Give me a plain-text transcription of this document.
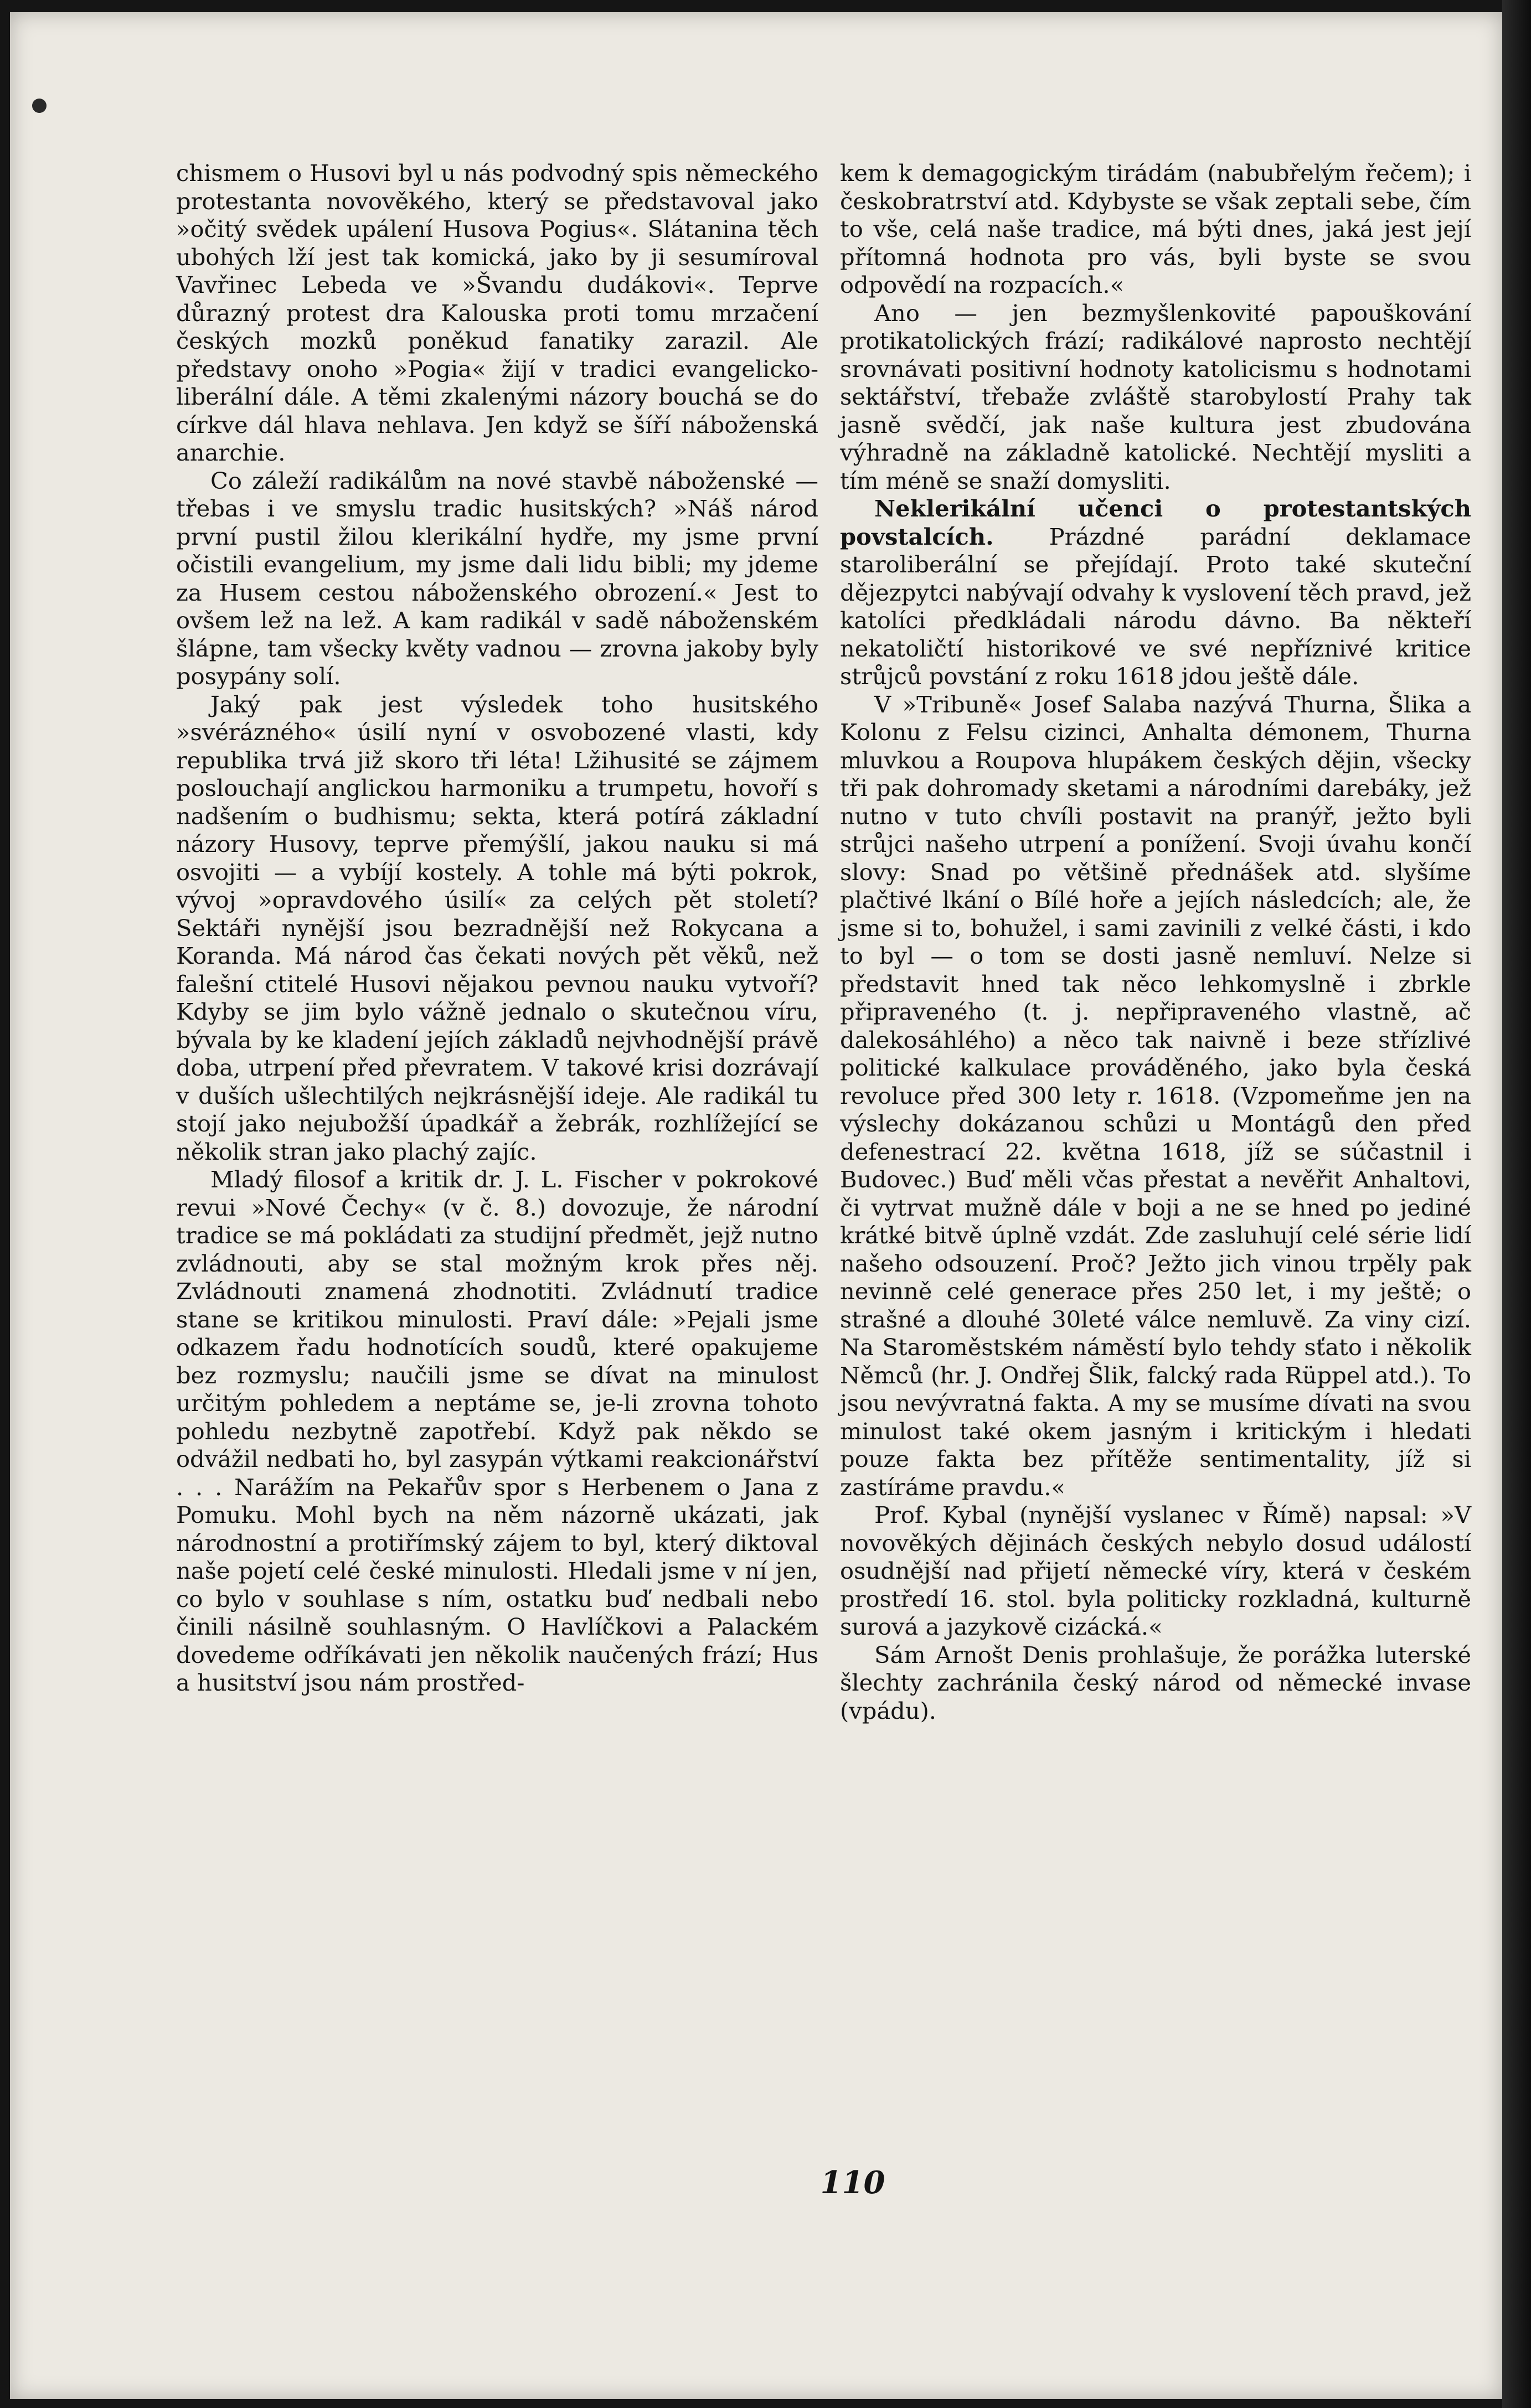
chismem o Husovi byl u nás podvodný spis německého protestanta novověkého, který se představoval jako »očitý svědek upálení Husova Pogius«. Slátanina těch ubohých lží jest tak komická, jako by ji sesumíroval Vavřinec Lebeda ve »Švandu dudákovi«. Teprve důrazný protest dra Kalouska proti tomu mrzačení českých mozků poněkud fanatiky zarazil. Ale představy onoho »Pogia« žijí v tradici evangelicko-liberální dále. A těmi zkalenými názory bouchá se do církve dál hlava nehlava. Jen když se šíří náboženská anarchie.

Co záleží radikálům na nové stavbě náboženské — třebas i ve smyslu tradic husitských? »Náš národ první pustil žilou klerikální hydře, my jsme první očistili evangelium, my jsme dali lidu bibli; my jdeme za Husem cestou náboženského obrození.« Jest to ovšem lež na lež. A kam radikál v sadě náboženském šlápne, tam všecky květy vadnou — zrovna jakoby byly posypány solí.

Jaký pak jest výsledek toho husitského »svérázného« úsilí nyní v osvobozené vlasti, kdy republika trvá již skoro tři léta! Lžihusité se zájmem poslouchají anglickou harmoniku a trumpetu, hovoří s nadšením o budhismu; sekta, která potírá základní názory Husovy, teprve přemýšlí, jakou nauku si má osvojiti — a vybíjí kostely. A tohle má býti pokrok, vývoj »opravdového úsilí« za celých pět století? Sektáři nynější jsou bezradnější než Rokycana a Koranda. Má národ čas čekati nových pět věků, než falešní ctitelé Husovi nějakou pevnou nauku vytvoří? Kdyby se jim bylo vážně jednalo o skutečnou víru, bývala by ke kladení jejích základů nejvhodnější právě doba, utrpení před převratem. V takové krisi dozrávají v duších ušlechtilých nejkrásnější ideje. Ale radikál tu stojí jako nejubožší úpadkář a žebrák, rozhlížející se několik stran jako plachý zajíc.

Mladý filosof a kritik dr. J. L. Fischer v pokrokové revui »Nové Čechy« (v č. 8.) dovozuje, že národní tradice se má pokládati za studijní předmět, jejž nutno zvládnouti, aby se stal možným krok přes něj. Zvládnouti znamená zhodnotiti. Zvládnutí tradice stane se kritikou minulosti. Praví dále: »Pejali jsme odkazem řadu hodnotících soudů, které opakujeme bez rozmyslu; naučili jsme se dívat na minulost určitým pohledem a neptáme se, je-li zrovna tohoto pohledu nezbytně zapotřebí. Když pak někdo se odvážil nedbati ho, byl zasypán výtkami reakcionářství . . . Narážím na Pekařův spor s Herbenem o Jana z Pomuku. Mohl bych na něm názorně ukázati, jak národnostní a protiřímský zájem to byl, který diktoval naše pojetí celé české minulosti. Hledali jsme v ní jen, co bylo v souhlase s ním, ostatku buď nedbali nebo činili násilně souhlasným. O Havlíčkovi a Palackém dovedeme odříkávati jen několik naučených frází; Hus a husitství jsou nám prostřed-

kem k demagogickým tirádám (nabubřelým řečem); i českobratrství atd. Kdybyste se však zeptali sebe, čím to vše, celá naše tradice, má býti dnes, jaká jest její přítomná hodnota pro vás, byli byste se svou odpovědí na rozpacích.«

Ano — jen bezmyšlenkovité papouškování protikatolických frází; radikálové naprosto nechtějí srovnávati positivní hodnoty katolicismu s hodnotami sektářství, třebaže zvláště starobylostí Prahy tak jasně svědčí, jak naše kultura jest zbudována výhradně na základně katolické. Nechtějí mysliti a tím méně se snaží domysliti.

Neklerikální učenci o protestantských povstalcích. Prázdné parádní deklamace staroliberální se přejídají. Proto také skuteční dějezpytci nabývají odvahy k vyslovení těch pravd, jež katolíci předkládali národu dávno. Ba někteří nekatoličtí historikové ve své nepříznivé kritice strůjců povstání z roku 1618 jdou ještě dále.

V »Tribuně« Josef Salaba nazývá Thurna, Šlika a Kolonu z Felsu cizinci, Anhalta démonem, Thurna mluvkou a Roupova hlupákem českých dějin, všecky tři pak dohromady sketami a národními darebáky, jež nutno v tuto chvíli postavit na pranýř, ježto byli strůjci našeho utrpení a ponížení. Svoji úvahu končí slovy: Snad po většině přednášek atd. slyšíme plačtivé lkání o Bílé hoře a jejích následcích; ale, že jsme si to, bohužel, i sami zavinili z velké části, i kdo to byl — o tom se dosti jasně nemluví. Nelze si představit hned tak něco lehkomyslně i zbrkle připraveného (t. j. nepřipraveného vlastně, ač dalekosáhlého) a něco tak naivně i beze střízlivé politické kalkulace prováděného, jako byla česká revoluce před 300 lety r. 1618. (Vzpomeňme jen na výslechy dokázanou schůzi u Montágů den před defenestrací 22. května 1618, jíž se súčastnil i Budovec.) Buď měli včas přestat a nevěřit Anhaltovi, či vytrvat mužně dále v boji a ne se hned po jediné krátké bitvě úplně vzdát. Zde zasluhují celé série lidí našeho odsouzení. Proč? Ježto jich vinou trpěly pak nevinně celé generace přes 250 let, i my ještě; o strašné a dlouhé 30leté válce nemluvě. Za viny cizí. Na Staroměstském náměstí bylo tehdy sťato i několik Němců (hr. J. Ondřej Šlik, falcký rada Rüppel atd.). To jsou nevývratná fakta. A my se musíme dívati na svou minulost také okem jasným i kritickým i hledati pouze fakta bez přítěže sentimentality, jíž si zastíráme pravdu.«

Prof. Kybal (nynější vyslanec v Římě) napsal: »V novověkých dějinách českých nebylo dosud událostí osudnější nad přijetí německé víry, která v českém prostředí 16. stol. byla politicky rozkladná, kulturně surová a jazykově cizácká.«

Sám Arnošt Denis prohlašuje, že porážka luterské šlechty zachránila český národ od německé invase (vpádu).

110
